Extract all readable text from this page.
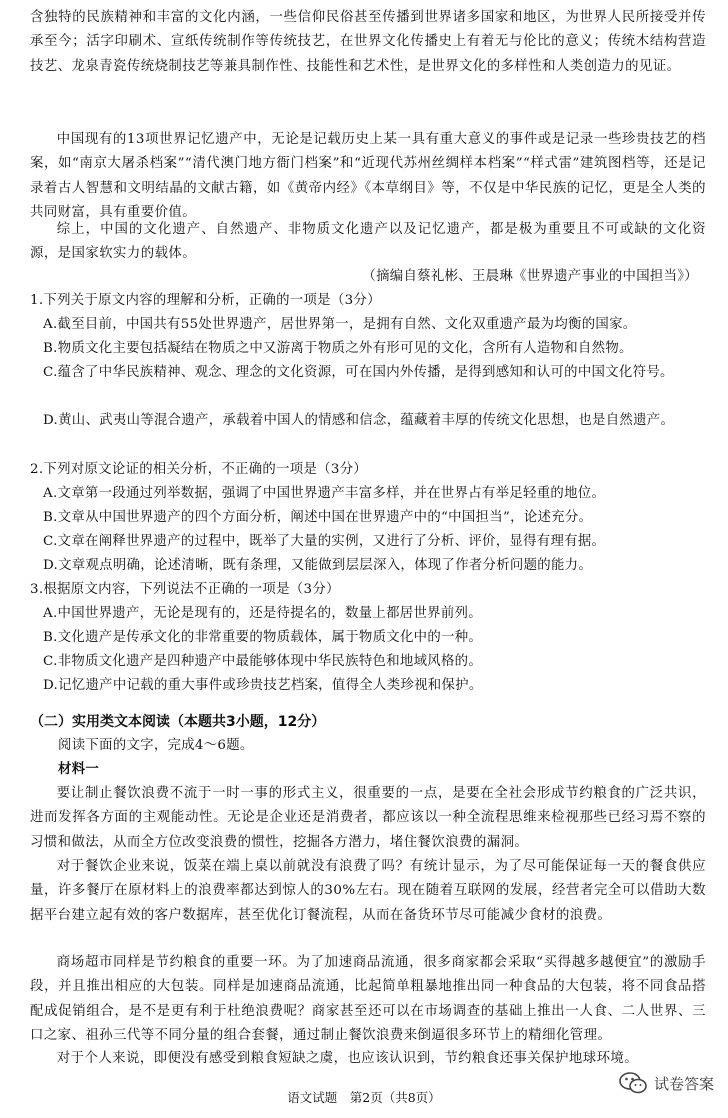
含独特的民族精神和丰富的文化内涵，一些信仰民俗甚至传播到世界诸多国家和地区，为世界人民所接受并传承至今；活字印刷术、宣纸传统制作等传统技艺，在世界文化传播史上有着无与伦比的意义；传统木结构营造技艺、龙泉青瓷传统烧制技艺等兼具制作性、技能性和艺术性，是世界文化的多样性和人类创造力的见证。

中国现有的13项世界记忆遗产中，无论是记载历史上某一具有重大意义的事件或是记录一些珍贵技艺的档案，如“南京大屠杀档案”“清代澳门地方衙门档案”和“近现代苏州丝绸样本档案”“样式雷”建筑图档等，还是记录着古人智慧和文明结晶的文献古籍，如《黄帝内经》《本草纲目》等，不仅是中华民族的记忆，更是全人类的共同财富，具有重要价值。

综上，中国的文化遗产、自然遗产、非物质文化遗产以及记忆遗产，都是极为重要且不可或缺的文化资源，是国家软实力的载体。

（摘编自蔡礼彬、王晨琳《世界遗产事业的中国担当》）
1.下列关于原文内容的理解和分析，正确的一项是（3分）
A.截至目前，中国共有55处世界遗产，居世界第一，是拥有自然、文化双重遗产最为均衡的国家。
B.物质文化主要包括凝结在物质之中又游离于物质之外有形可见的文化，含所有人造物和自然物。
C.蕴含了中华民族精神、观念、理念的文化资源，可在国内外传播，是得到感知和认可的中国文化符号。
D.黄山、武夷山等混合遗产，承载着中国人的情感和信念，蕴藏着丰厚的传统文化思想，也是自然遗产。
2.下列对原文论证的相关分析，不正确的一项是（3分）
A.文章第一段通过列举数据，强调了中国世界遗产丰富多样，并在世界占有举足轻重的地位。
B.文章从中国世界遗产的四个方面分析，阐述中国在世界遗产中的“中国担当”，论述充分。
C.文章在阐释世界遗产的过程中，既举了大量的实例，又进行了分析、评价，显得有理有据。
D.文章观点明确，论述清晰，既有条理，又能做到层层深入，体现了作者分析问题的能力。
3.根据原文内容，下列说法不正确的一项是（3分）
A.中国世界遗产，无论是现有的，还是待提名的，数量上都居世界前列。
B.文化遗产是传承文化的非常重要的物质载体，属于物质文化中的一种。
C.非物质文化遗产是四种遗产中最能够体现中华民族特色和地域风格的。
D.记忆遗产中记载的重大事件或珍贵技艺档案，值得全人类珍视和保护。
（二）实用类文本阅读（本题共3小题，12分）
阅读下面的文字，完成4～6题。
材料一

要让制止餐饮浪费不流于一时一事的形式主义，很重要的一点，是要在全社会形成节约粮食的广泛共识，进而发挥各方面的主观能动性。无论是企业还是消费者，都应该以一种全流程思维来检视那些已经习焉不察的习惯和做法，从而全方位改变浪费的惯性，挖掘各方潜力，堵住餐饮浪费的漏洞。

对于餐饮企业来说，饭菜在端上桌以前就没有浪费了吗？有统计显示，为了尽可能保证每一天的餐食供应量，许多餐厅在原材料上的浪费率都达到惊人的30%左右。现在随着互联网的发展，经营者完全可以借助大数据平台建立起有效的客户数据库，甚至优化订餐流程，从而在备货环节尽可能减少食材的浪费。

商场超市同样是节约粮食的重要一环。为了加速商品流通，很多商家都会采取“买得越多越便宜”的激励手段，并且推出相应的大包装。同样是加速商品流通，比起简单粗暴地推出同一种食品的大包装，将不同食品搭配成促销组合，是不是更有利于杜绝浪费呢？商家甚至还可以在市场调查的基础上推出一人食、二人世界、三口之家、祖孙三代等不同分量的组合套餐，通过制止餐饮浪费来倒逼很多环节上的精细化管理。

对于个人来说，即便没有感受到粮食短缺之虞，也应该认识到，节约粮食还事关保护地球环境。

试卷答案
语文试题　第2页（共8页）
